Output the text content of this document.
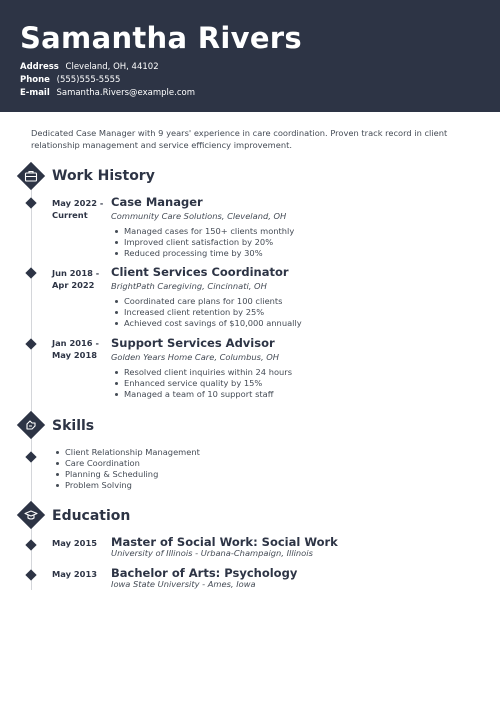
Samantha Rivers
Address Cleveland, OH, 44102
Phone (555)555-5555
E-mail Samantha.Rivers@example.com
Dedicated Case Manager with 9 years' experience in care coordination. Proven track record in client relationship management and service efficiency improvement.
Work History
May 2022 -
Current
Case Manager
Community Care Solutions, Cleveland, OH
Managed cases for 150+ clients monthly
Improved client satisfaction by 20%
Reduced processing time by 30%
Jun 2018 -
Apr 2022
Client Services Coordinator
BrightPath Caregiving, Cincinnati, OH
Coordinated care plans for 100 clients
Increased client retention by 25%
Achieved cost savings of $10,000 annually
Jan 2016 -
May 2018
Support Services Advisor
Golden Years Home Care, Columbus, OH
Resolved client inquiries within 24 hours
Enhanced service quality by 15%
Managed a team of 10 support staff
Skills
Client Relationship Management
Care Coordination
Planning & Scheduling
Problem Solving
Education
May 2015 Master of Social Work: Social Work
University of Illinois - Urbana-Champaign, Illinois
May 2013 Bachelor of Arts: Psychology
Iowa State University - Ames, Iowa
